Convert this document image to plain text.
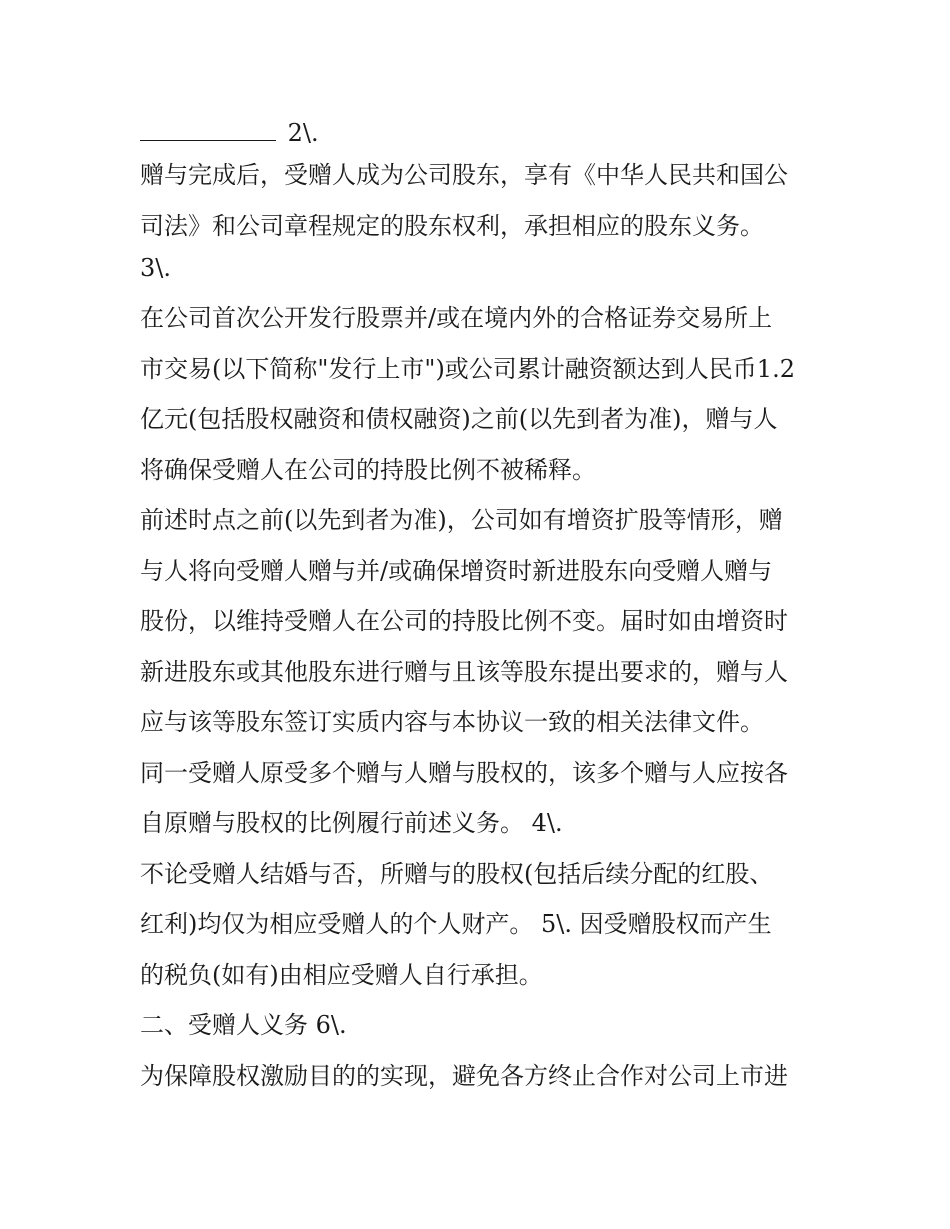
2\.
赠与完成后，受赠人成为公司股东，享有《中华人民共和国公
司法》和公司章程规定的股东权利，承担相应的股东义务。
3\.
在公司首次公开发行股票并/或在境内外的合格证券交易所上
市交易(以下简称"发行上市")或公司累计融资额达到人民币1.2
亿元(包括股权融资和债权融资)之前(以先到者为准)，赠与人
将确保受赠人在公司的持股比例不被稀释。
前述时点之前(以先到者为准)，公司如有增资扩股等情形，赠
与人将向受赠人赠与并/或确保增资时新进股东向受赠人赠与
股份，以维持受赠人在公司的持股比例不变。届时如由增资时
新进股东或其他股东进行赠与且该等股东提出要求的，赠与人
应与该等股东签订实质内容与本协议一致的相关法律文件。
同一受赠人原受多个赠与人赠与股权的，该多个赠与人应按各
自原赠与股权的比例履行前述义务。 4\.
不论受赠人结婚与否，所赠与的股权(包括后续分配的红股、
红利)均仅为相应受赠人的个人财产。 5\. 因受赠股权而产生
的税负(如有)由相应受赠人自行承担。
二、受赠人义务 6\.
为保障股权激励目的的实现，避免各方终止合作对公司上市进
